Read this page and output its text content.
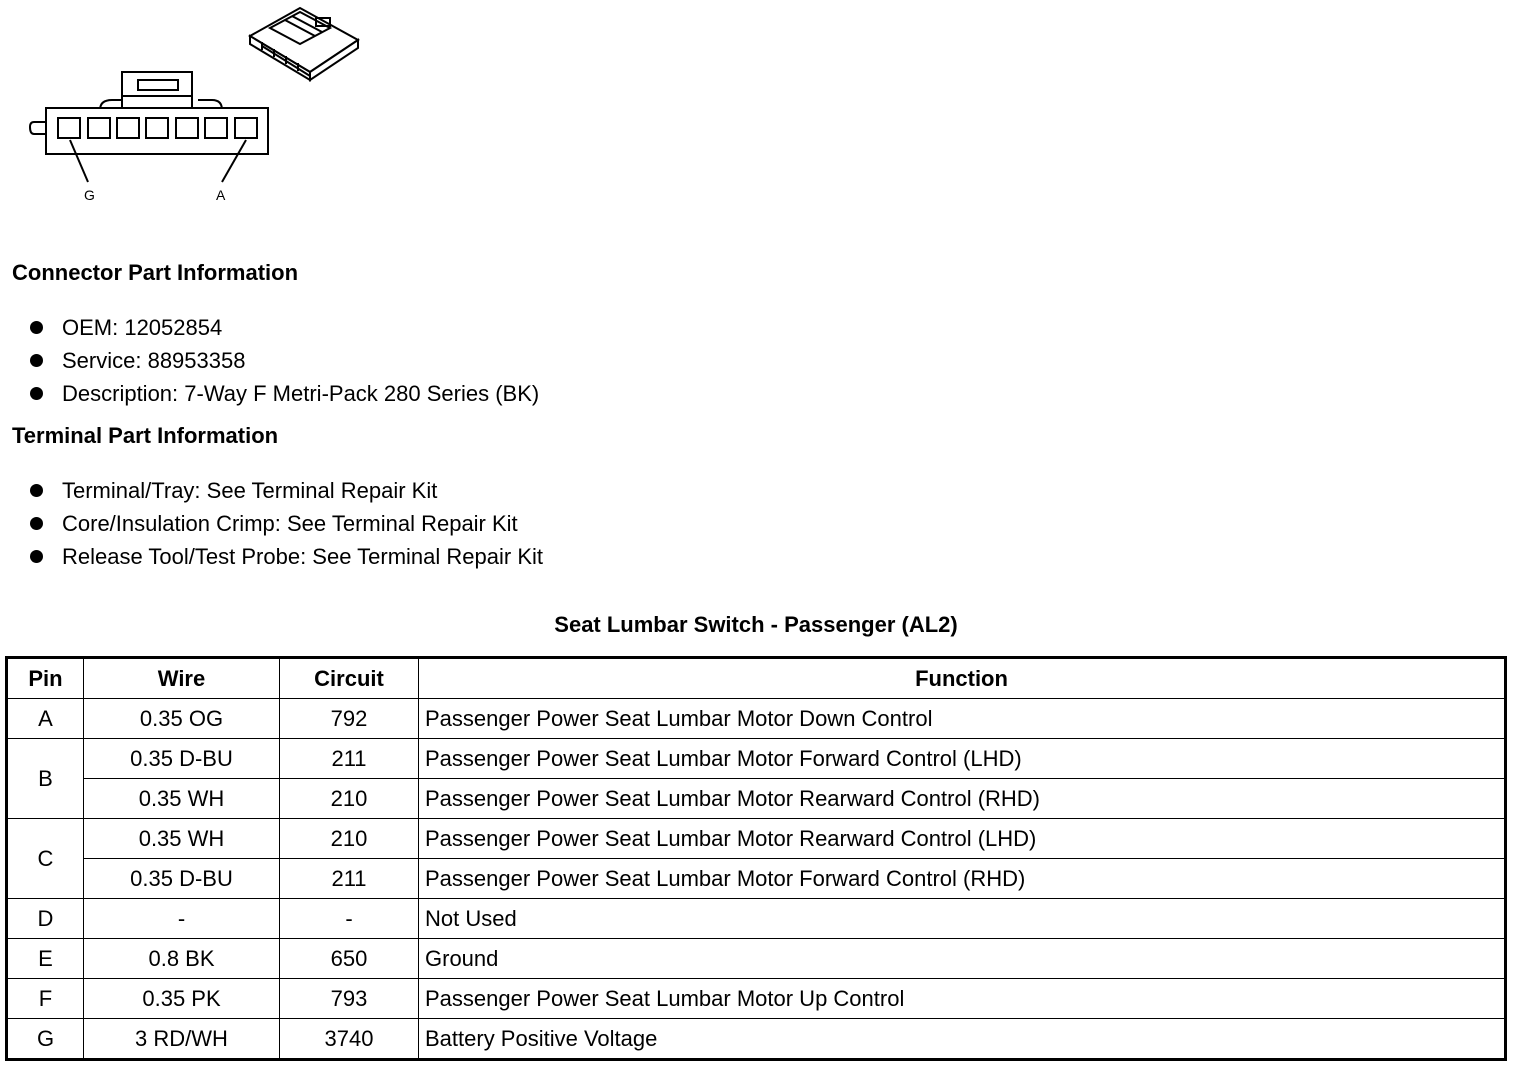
G	A
Connector Part Information
OEM: 12052854
Service: 88953358
Description: 7-Way F Metri-Pack 280 Series (BK)
Terminal Part Information
Terminal/Tray: See Terminal Repair Kit
Core/Insulation Crimp: See Terminal Repair Kit
Release Tool/Test Probe: See Terminal Repair Kit
Seat Lumbar Switch - Passenger (AL2)
Pin	Wire	Circuit	Function
A	0.35 OG	792	Passenger Power Seat Lumbar Motor Down Control
B	0.35 D-BU	211	Passenger Power Seat Lumbar Motor Forward Control (LHD)
	0.35 WH	210	Passenger Power Seat Lumbar Motor Rearward Control (RHD)
C	0.35 WH	210	Passenger Power Seat Lumbar Motor Rearward Control (LHD)
	0.35 D-BU	211	Passenger Power Seat Lumbar Motor Forward Control (RHD)
D	-	-	Not Used
E	0.8 BK	650	Ground
F	0.35 PK	793	Passenger Power Seat Lumbar Motor Up Control
G	3 RD/WH	3740	Battery Positive Voltage
